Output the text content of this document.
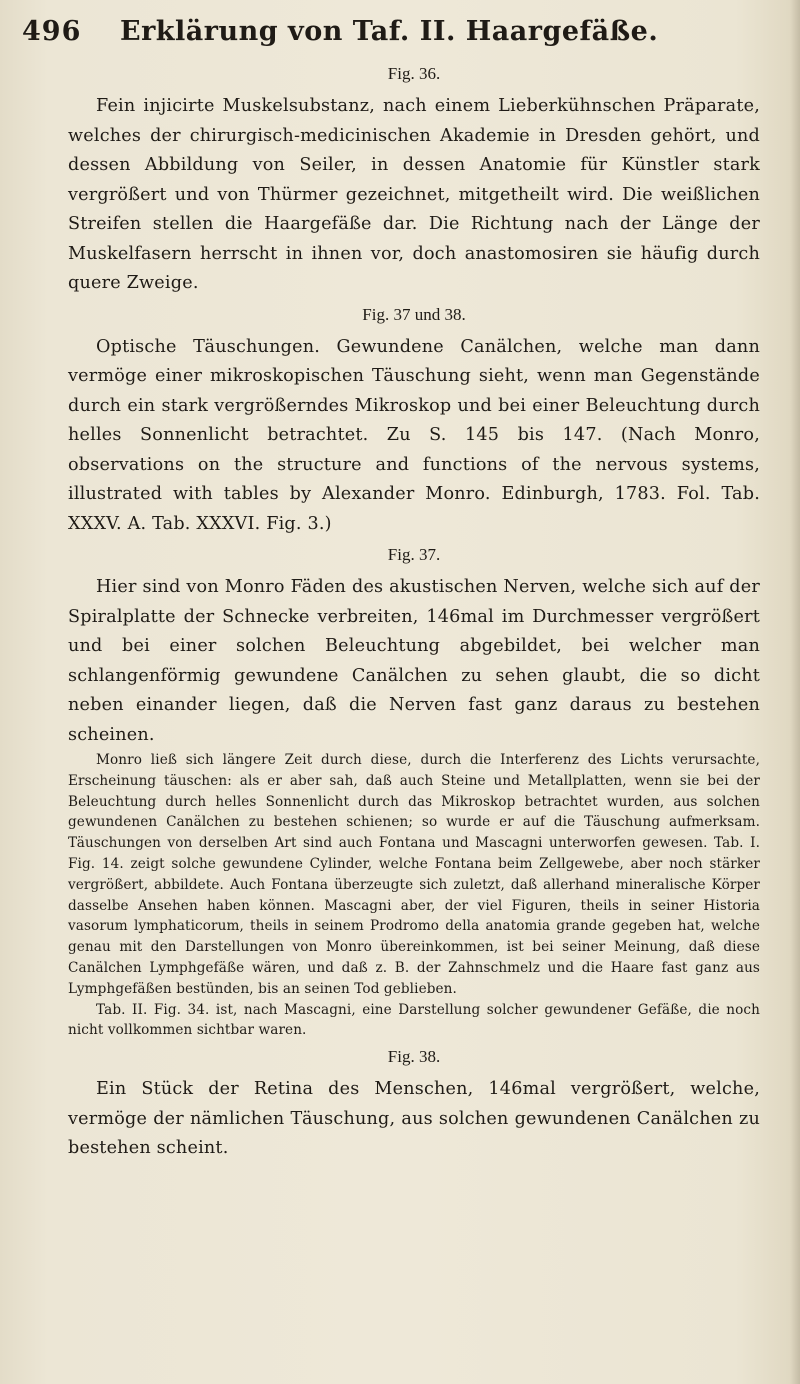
496 Erklärung von Taf. II. Haargefäße.
Fig. 36.

Fein injicirte Muskelsubstanz, nach einem Lieberkühnschen Präparate, welches der chirurgisch-medicinischen Akademie in Dresden gehört, und dessen Abbildung von Seiler, in dessen Anatomie für Künstler stark vergrößert und von Thürmer gezeichnet, mitgetheilt wird. Die weißlichen Streifen stellen die Haargefäße dar. Die Richtung nach der Länge der Muskelfasern herrscht in ihnen vor, doch anastomosiren sie häufig durch quere Zweige.

Fig. 37 und 38.

Optische Täuschungen. Gewundene Canälchen, welche man dann vermöge einer mikroskopischen Täuschung sieht, wenn man Gegenstände durch ein stark vergrößerndes Mikroskop und bei einer Beleuchtung durch helles Sonnenlicht betrachtet. Zu S. 145 bis 147. (Nach Monro, observations on the structure and functions of the nervous systems, illustrated with tables by Alexander Monro. Edinburgh, 1783. Fol. Tab. XXXV. A. Tab. XXXVI. Fig. 3.)

Fig. 37.

Hier sind von Monro Fäden des akustischen Nerven, welche sich auf der Spiralplatte der Schnecke verbreiten, 146mal im Durchmesser vergrößert und bei einer solchen Beleuchtung abgebildet, bei welcher man schlangenförmig gewundene Canälchen zu sehen glaubt, die so dicht neben einander liegen, daß die Nerven fast ganz daraus zu bestehen scheinen.

Monro ließ sich längere Zeit durch diese, durch die Interferenz des Lichts verursachte, Erscheinung täuschen: als er aber sah, daß auch Steine und Metallplatten, wenn sie bei der Beleuchtung durch helles Sonnenlicht durch das Mikroskop betrachtet wurden, aus solchen gewundenen Canälchen zu bestehen schienen; so wurde er auf die Täuschung aufmerksam. Täuschungen von derselben Art sind auch Fontana und Mascagni unterworfen gewesen. Tab. I. Fig. 14. zeigt solche gewundene Cylinder, welche Fontana beim Zellgewebe, aber noch stärker vergrößert, abbildete. Auch Fontana überzeugte sich zuletzt, daß allerhand mineralische Körper dasselbe Ansehen haben können. Mascagni aber, der viel Figuren, theils in seiner Historia vasorum lymphaticorum, theils in seinem Prodromo della anatomia grande gegeben hat, welche genau mit den Darstellungen von Monro übereinkommen, ist bei seiner Meinung, daß diese Canälchen Lymphgefäße wären, und daß z. B. der Zahnschmelz und die Haare fast ganz aus Lymphgefäßen bestünden, bis an seinen Tod geblieben.

Tab. II. Fig. 34. ist, nach Mascagni, eine Darstellung solcher gewundener Gefäße, die noch nicht vollkommen sichtbar waren.

Fig. 38.

Ein Stück der Retina des Menschen, 146mal vergrößert, welche, vermöge der nämlichen Täuschung, aus solchen gewundenen Canälchen zu bestehen scheint.
